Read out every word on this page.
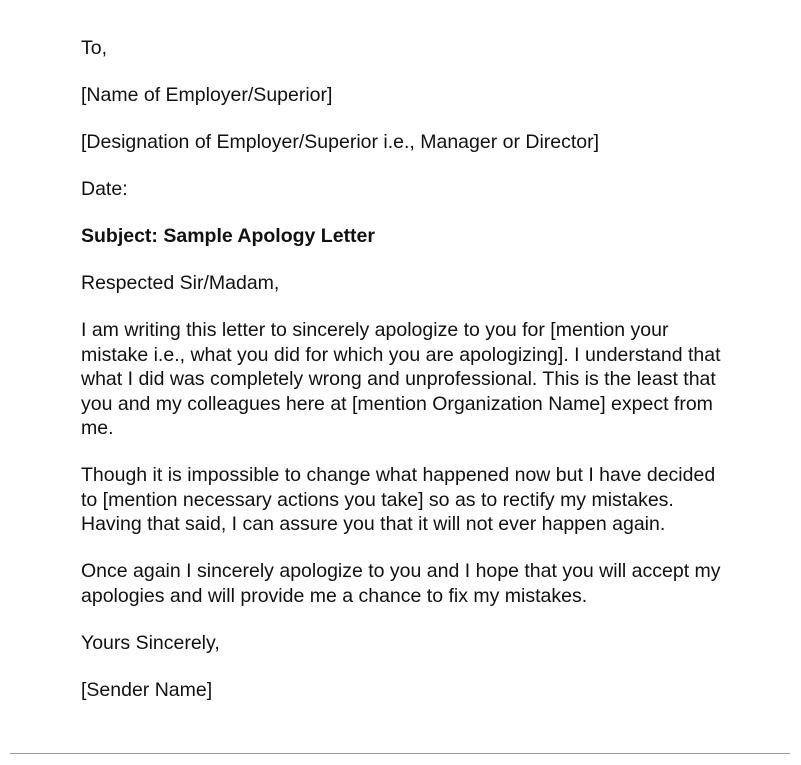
To,

[Name of Employer/Superior]

[Designation of Employer/Superior i.e., Manager or Director]

Date:

Subject: Sample Apology Letter

Respected Sir/Madam,

I am writing this letter to sincerely apologize to you for [mention your mistake i.e., what you did for which you are apologizing]. I understand that what I did was completely wrong and unprofessional. This is the least that you and my colleagues here at [mention Organization Name] expect from me.

Though it is impossible to change what happened now but I have decided to [mention necessary actions you take] so as to rectify my mistakes. Having that said, I can assure you that it will not ever happen again.

Once again I sincerely apologize to you and I hope that you will accept my apologies and will provide me a chance to fix my mistakes.

Yours Sincerely,

[Sender Name]
